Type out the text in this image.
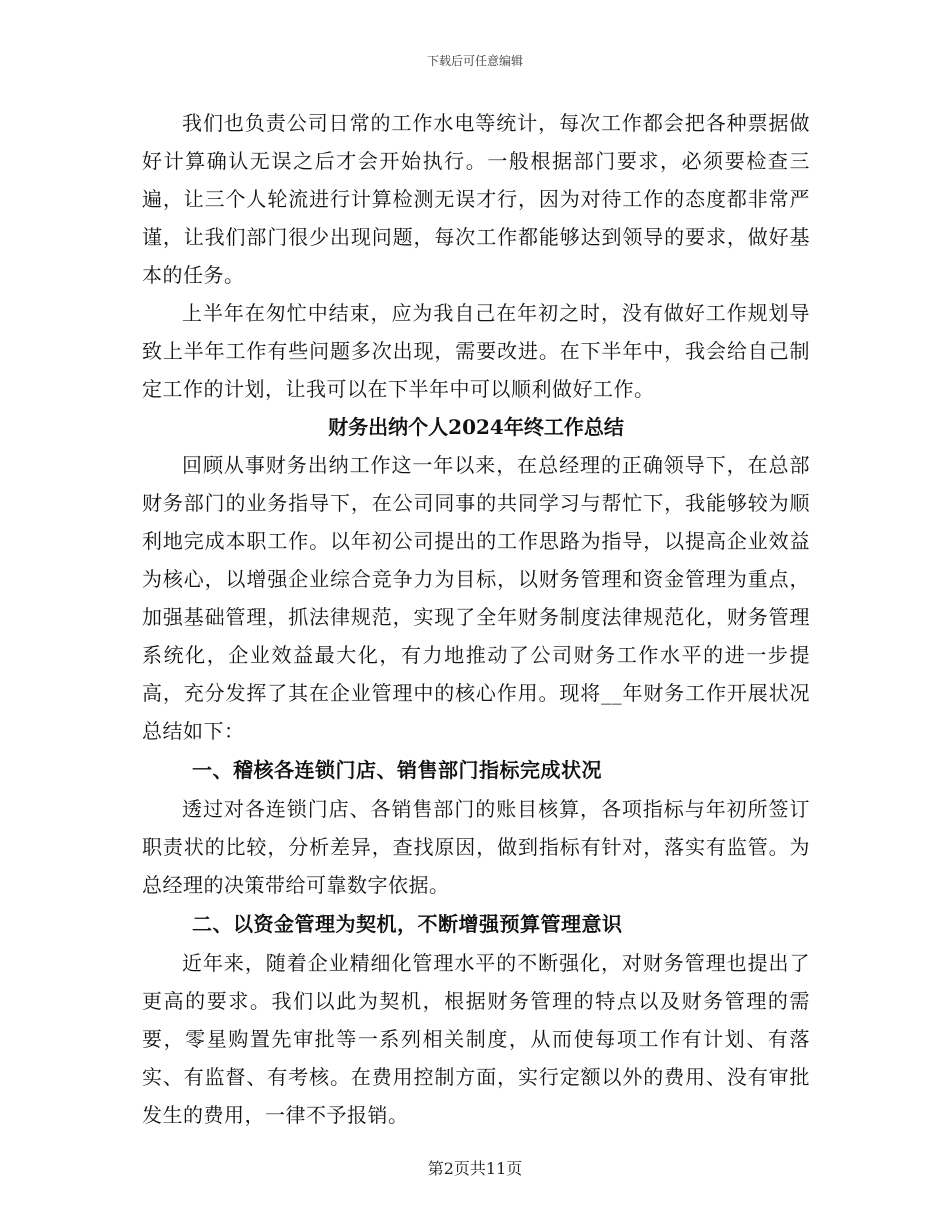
下载后可任意编辑

我们也负责公司日常的工作水电等统计，每次工作都会把各种票据做好计算确认无误之后才会开始执行。一般根据部门要求，必须要检查三遍，让三个人轮流进行计算检测无误才行，因为对待工作的态度都非常严谨，让我们部门很少出现问题，每次工作都能够达到领导的要求，做好基本的任务。

上半年在匆忙中结束，应为我自己在年初之时，没有做好工作规划导致上半年工作有些问题多次出现，需要改进。在下半年中，我会给自己制定工作的计划，让我可以在下半年中可以顺利做好工作。

财务出纳个人2024年终工作总结

回顾从事财务出纳工作这一年以来，在总经理的正确领导下，在总部财务部门的业务指导下，在公司同事的共同学习与帮忙下，我能够较为顺利地完成本职工作。以年初公司提出的工作思路为指导，以提高企业效益为核心，以增强企业综合竞争力为目标，以财务管理和资金管理为重点，加强基础管理，抓法律规范，实现了全年财务制度法律规范化，财务管理系统化，企业效益最大化，有力地推动了公司财务工作水平的进一步提高，充分发挥了其在企业管理中的核心作用。现将__年财务工作开展状况总结如下：

一、稽核各连锁门店、销售部门指标完成状况

透过对各连锁门店、各销售部门的账目核算，各项指标与年初所签订职责状的比较，分析差异，查找原因，做到指标有针对，落实有监管。为总经理的决策带给可靠数字依据。

二、以资金管理为契机，不断增强预算管理意识

近年来，随着企业精细化管理水平的不断强化，对财务管理也提出了更高的要求。我们以此为契机，根据财务管理的特点以及财务管理的需要，零星购置先审批等一系列相关制度，从而使每项工作有计划、有落实、有监督、有考核。在费用控制方面，实行定额以外的费用、没有审批发生的费用，一律不予报销。

第2页共11页
